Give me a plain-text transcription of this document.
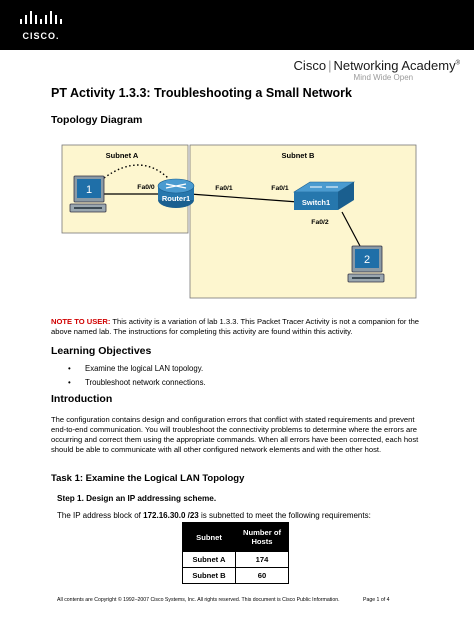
CISCO.
Cisco | Networking Academy®
Mind Wide Open
PT Activity 1.3.3: Troubleshooting a Small Network
Topology Diagram
Subnet A	Subnet B
1
Router1	Switch1
2
Fa0/0	Fa0/1	Fa0/1
Fa0/2
NOTE TO USER: This activity is a variation of lab 1.3.3. This Packet Tracer Activity is not a companion for the above named lab. The instructions for completing this activity are found within this activity.
Learning Objectives
• Examine the logical LAN topology.
• Troubleshoot network connections.
Introduction
The configuration contains design and configuration errors that conflict with stated requirements and prevent end-to-end communication. You will troubleshoot the connectivity problems to determine where the errors are occurring and correct them using the appropriate commands. When all errors have been corrected, each host should be able to communicate with all other configured network elements and with the other host.
Task 1: Examine the Logical LAN Topology
Step 1. Design an IP addressing scheme.
The IP address block of 172.16.30.0 /23 is subnetted to meet the following requirements:
Subnet	Number of Hosts
Subnet A	174
Subnet B	60
All contents are Copyright © 1992–2007 Cisco Systems, Inc. All rights reserved. This document is Cisco Public Information.	Page 1 of 4
